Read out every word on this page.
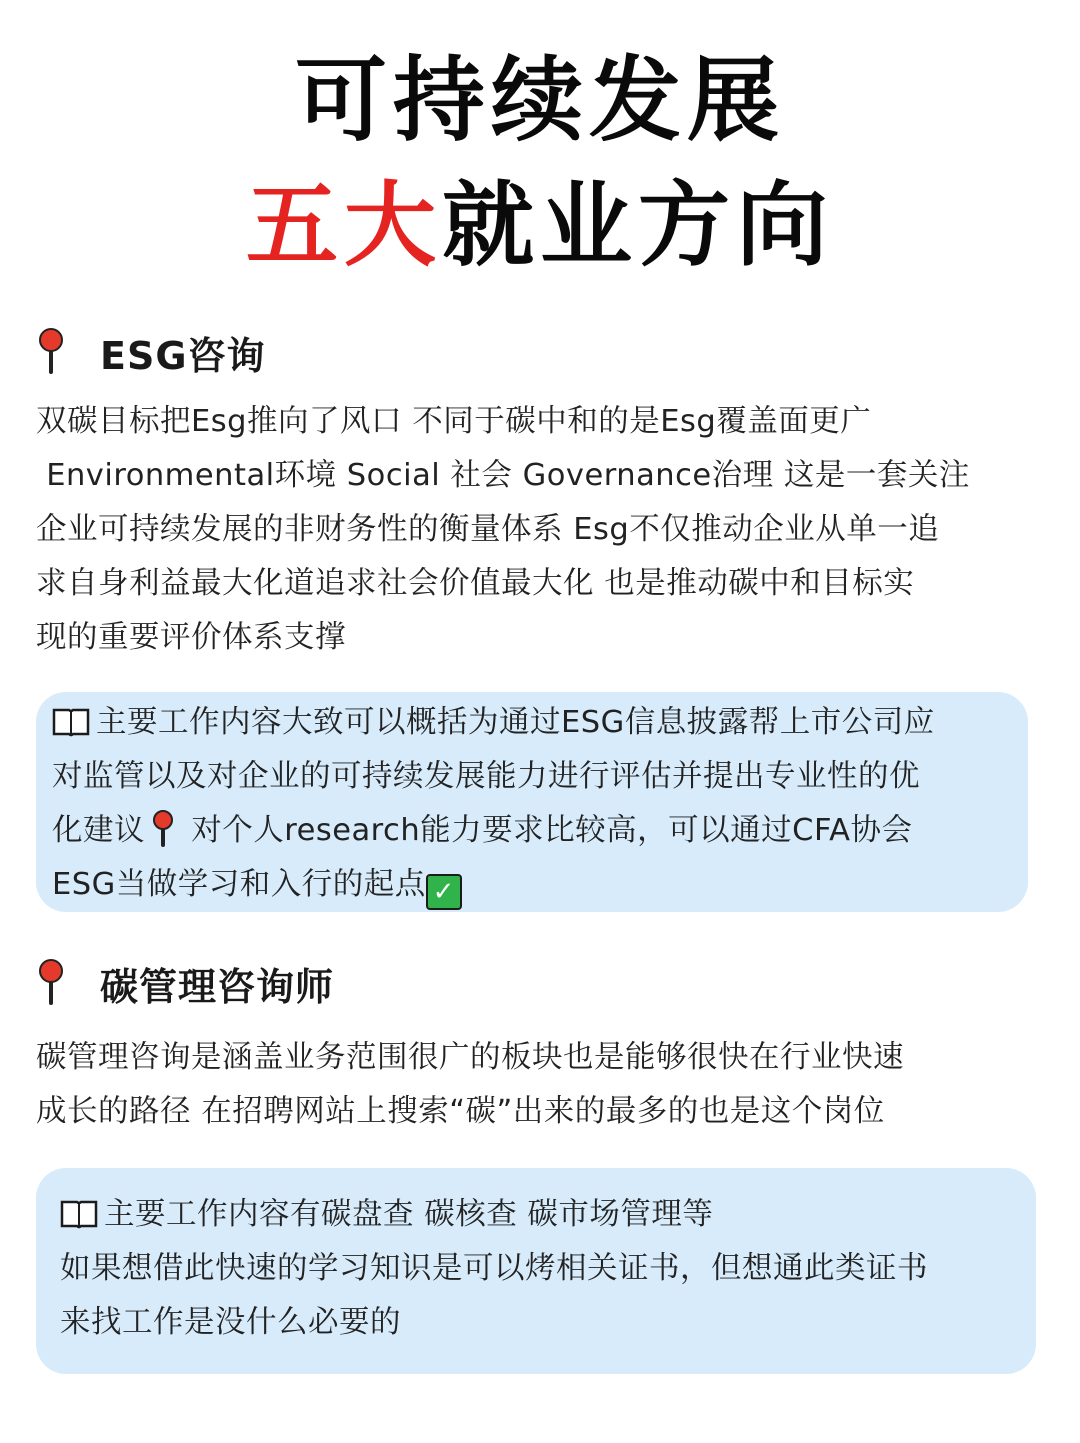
可持续发展
五大就业方向
ESG咨询
双碳目标把Esg推向了风口 不同于碳中和的是Esg覆盖面更广
Environmental环境 Social 社会 Governance治理 这是一套关注
企业可持续发展的非财务性的衡量体系 Esg不仅推动企业从单一追
求自身利益最大化道追求社会价值最大化 也是推动碳中和目标实
现的重要评价体系支撑
主要工作内容大致可以概括为通过ESG信息披露帮上市公司应
对监管以及对企业的可持续发展能力进行评估并提出专业性的优
化建议 对个人research能力要求比较高，可以通过CFA协会
ESG当做学习和入行的起点 ✓
碳管理咨询师
碳管理咨询是涵盖业务范围很广的板块也是能够很快在行业快速
成长的路径 在招聘网站上搜索“碳”出来的最多的也是这个岗位
主要工作内容有碳盘查 碳核查 碳市场管理等
如果想借此快速的学习知识是可以烤相关证书，但想通此类证书
来找工作是没什么必要的
